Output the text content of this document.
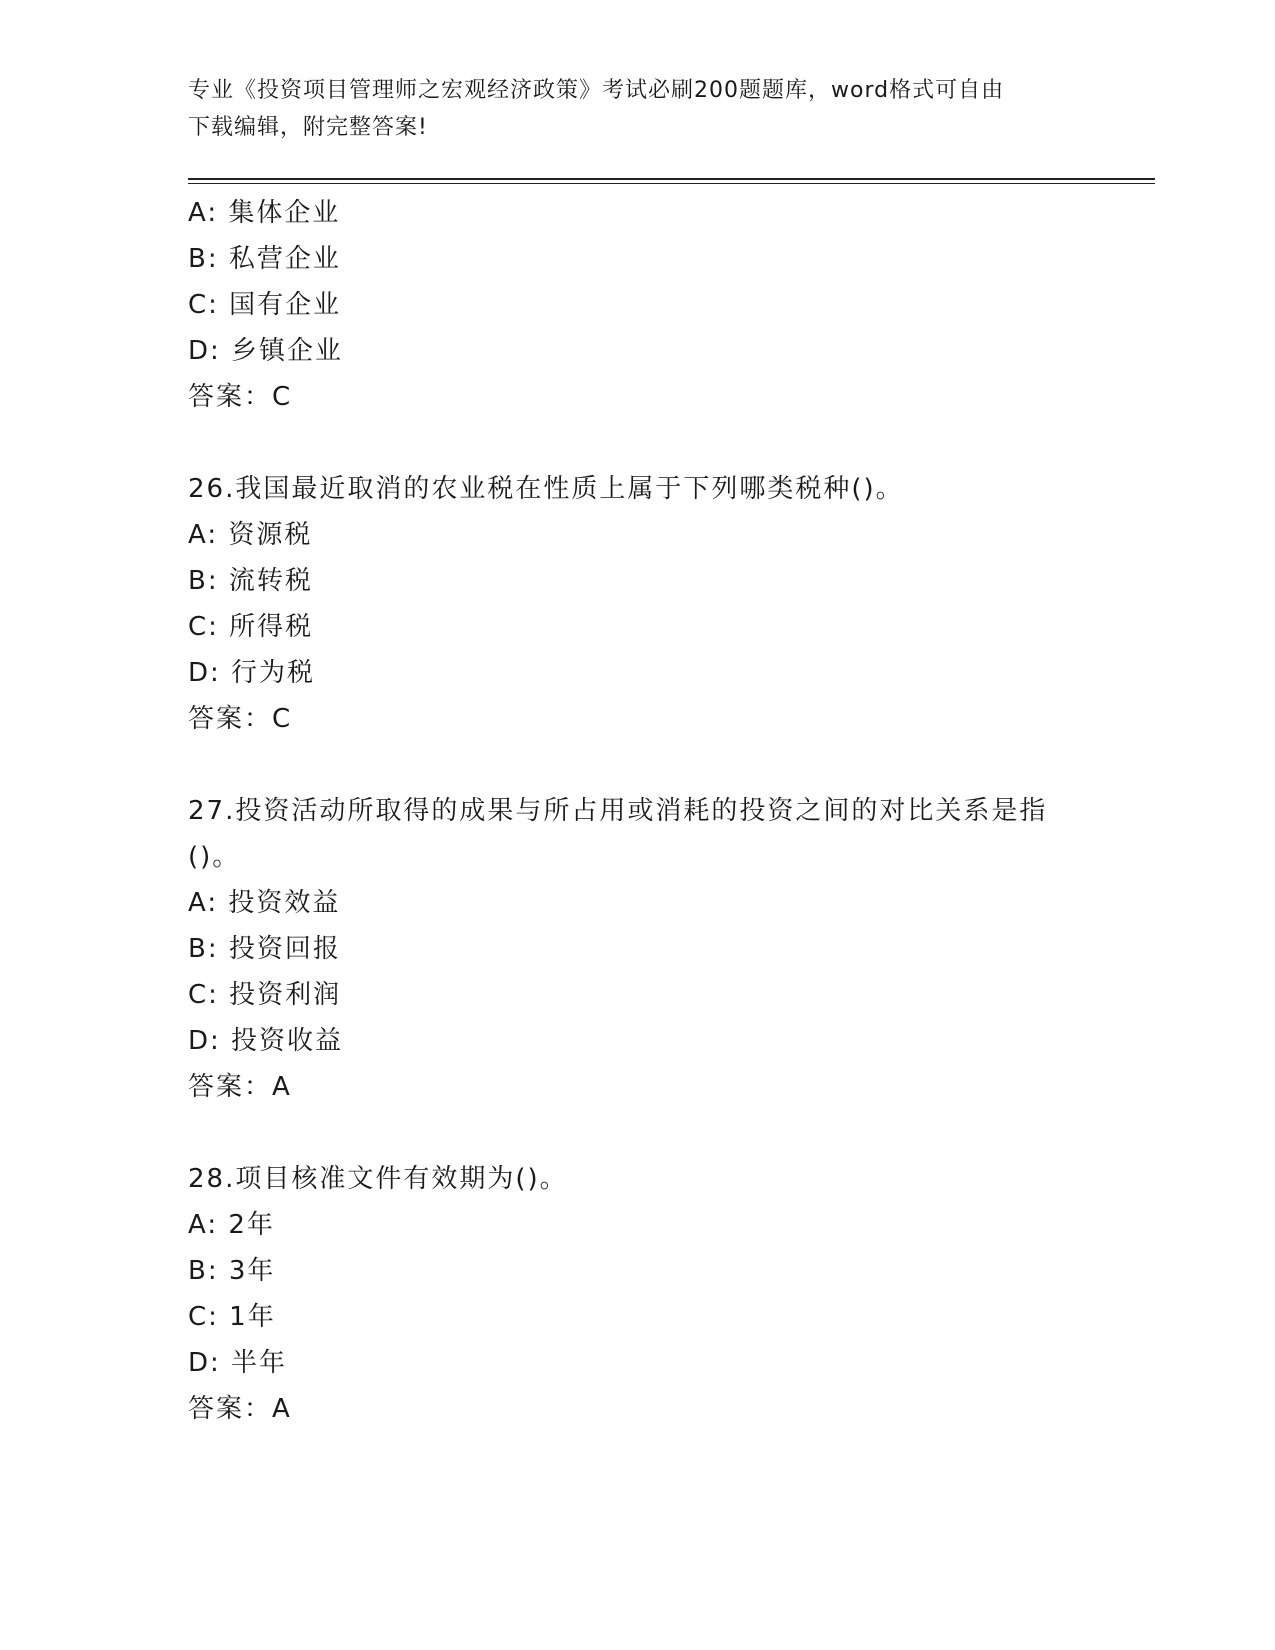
专业《投资项目管理师之宏观经济政策》考试必刷200题题库，word格式可自由
下载编辑，附完整答案!
A: 集体企业
B: 私营企业
C: 国有企业
D: 乡镇企业
答案：C
26.我国最近取消的农业税在性质上属于下列哪类税种()。
A: 资源税
B: 流转税
C: 所得税
D: 行为税
答案：C
27.投资活动所取得的成果与所占用或消耗的投资之间的对比关系是指
()。
A: 投资效益
B: 投资回报
C: 投资利润
D: 投资收益
答案：A
28.项目核准文件有效期为()。
A: 2年
B: 3年
C: 1年
D: 半年
答案：A
